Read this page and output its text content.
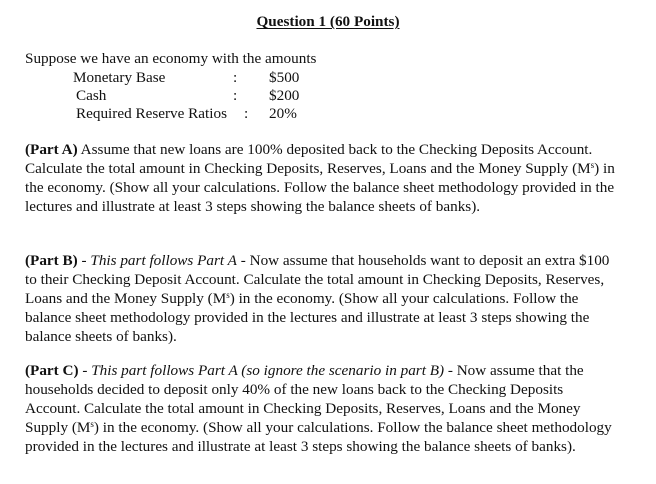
Question 1 (60 Points)
Suppose we have an economy with the amounts
Monetary Base	: $500
Cash	: $200
Required Reserve Ratios : 20%
(Part A) Assume that new loans are 100% deposited back to the Checking Deposits Account. Calculate the total amount in Checking Deposits, Reserves, Loans and the Money Supply $(M^s)$ in the economy. (Show all your calculations. Follow the balance sheet methodology provided in the lectures and illustrate at least 3 steps showing the balance sheets of banks).
(Part B) - This part follows Part A - Now assume that households want to deposit an extra $100 to their Checking Deposit Account. Calculate the total amount in Checking Deposits, Reserves, Loans and the Money Supply $(M^s)$ in the economy. (Show all your calculations. Follow the balance sheet methodology provided in the lectures and illustrate at least 3 steps showing the balance sheets of banks).
(Part C) - This part follows Part A (so ignore the scenario in part B) - Now assume that the households decided to deposit only 40% of the new loans back to the Checking Deposits Account. Calculate the total amount in Checking Deposits, Reserves, Loans and the Money Supply $(M^s)$ in the economy. (Show all your calculations. Follow the balance sheet methodology provided in the lectures and illustrate at least 3 steps showing the balance sheets of banks).
